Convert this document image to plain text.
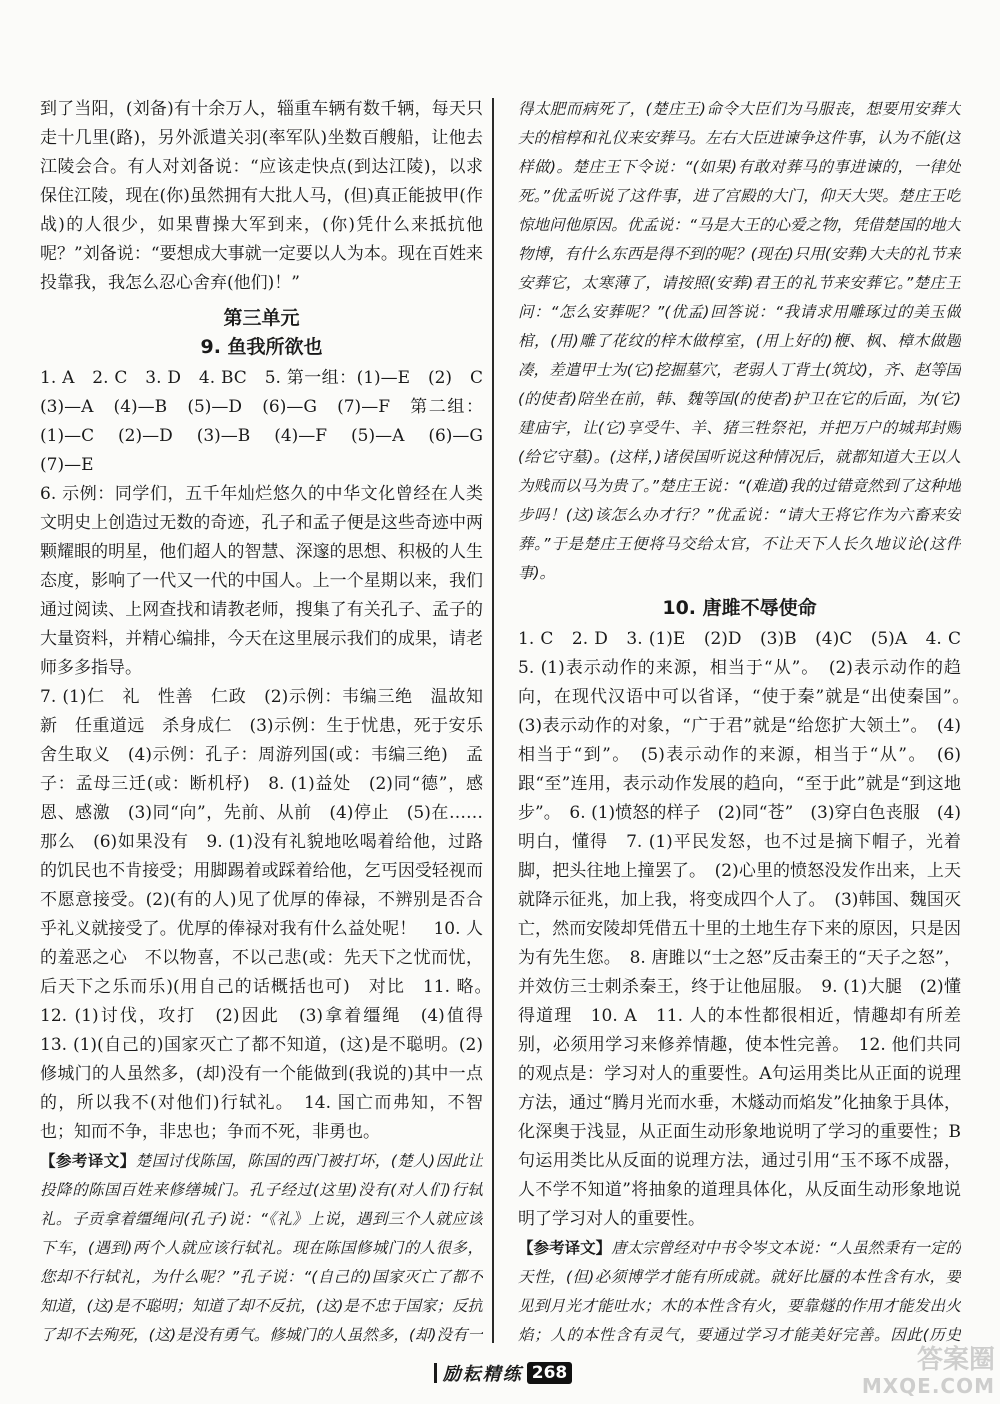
到了当阳，(刘备)有十余万人，辎重车辆有数千辆，每天只走十几里(路)，另外派遣关羽(率军队)坐数百艘船，让他去江陵会合。有人对刘备说：“应该走快点(到达江陵)，以求保住江陵，现在(你)虽然拥有大批人马，(但)真正能披甲(作战)的人很少，如果曹操大军到来，(你)凭什么来抵抗他呢？”刘备说：“要想成大事就一定要以人为本。现在百姓来投靠我，我怎么忍心舍弃(他们)！”

第三单元
9. 鱼我所欲也

1. A　2. C　3. D　4. BC　5. 第一组：(1)—E　(2)　C　(3)—A　(4)—B　(5)—D　(6)—G　(7)—F　第二组：(1)—C　(2)—D　(3)—B　(4)—F　(5)—A　(6)—G　(7)—E

6. 示例：同学们，五千年灿烂悠久的中华文化曾经在人类文明史上创造过无数的奇迹，孔子和孟子便是这些奇迹中两颗耀眼的明星，他们超人的智慧、深邃的思想、积极的人生态度，影响了一代又一代的中国人。上一个星期以来，我们通过阅读、上网查找和请教老师，搜集了有关孔子、孟子的大量资料，并精心编排，今天在这里展示我们的成果，请老师多多指导。

7. (1)仁　礼　性善　仁政　(2)示例：韦编三绝　温故知新　任重道远　杀身成仁　(3)示例：生于忧患，死于安乐　舍生取义　(4)示例：孔子：周游列国(或：韦编三绝)　孟子：孟母三迁(或：断机杼)　8. (1)益处　(2)同“德”，感恩、感激　(3)同“向”，先前、从前　(4)停止　(5)在……那么　(6)如果没有　9. (1)没有礼貌地吆喝着给他，过路的饥民也不肯接受；用脚踢着或踩着给他，乞丐因受轻视而不愿意接受。(2)(有的人)见了优厚的俸禄，不辨别是否合乎礼义就接受了。优厚的俸禄对我有什么益处呢！　10. 人的羞恶之心　不以物喜，不以己悲(或：先天下之忧而忧，后天下之乐而乐)(用自己的话概括也可)　对比　11. 略。　12. (1)讨伐，攻打　(2)因此　(3)拿着缰绳　(4)值得　13. (1)(自己的)国家灭亡了都不知道，(这)是不聪明。(2)修城门的人虽然多，(却)没有一个能做到(我说的)其中一点的，所以我不(对他们)行轼礼。　14. 国亡而弗知，不智也；知而不争，非忠也；争而不死，非勇也。

【参考译文】楚国讨伐陈国，陈国的西门被打坏，(楚人)因此让投降的陈国百姓来修缮城门。孔子经过(这里)没有(对人们)行轼礼。子贡拿着缰绳问(孔子)说：“《礼》上说，遇到三个人就应该下车，(遇到)两个人就应该行轼礼。现在陈国修城门的人很多，您却不行轼礼，为什么呢？”孔子说：“(自己的)国家灭亡了都不知道，(这)是不聪明；知道了却不反抗，(这)是不忠于国家；反抗了却不去殉死，(这)是没有勇气。修城门的人虽然多，(却)没有一

得太肥而病死了，(楚庄王)命令大臣们为马服丧，想要用安葬大夫的棺椁和礼仪来安葬马。左右大臣进谏争这件事，认为不能(这样做)。楚庄王下令说：“(如果)有敢对葬马的事进谏的，一律处死。”优孟听说了这件事，进了宫殿的大门，仰天大哭。楚庄王吃惊地问他原因。优孟说：“马是大王的心爱之物，凭借楚国的地大物博，有什么东西是得不到的呢？(现在)只用(安葬)大夫的礼节来安葬它，太寒薄了，请按照(安葬)君王的礼节来安葬它。”楚庄王问：“怎么安葬呢？”(优孟)回答说：“我请求用雕琢过的美玉做棺，(用)雕了花纹的梓木做椁室，(用上好的)楩、枫、樟木做题凑，差遣甲士为(它)挖掘墓穴，老弱人丁背土(筑坟)，齐、赵等国(的使者)陪坐在前，韩、魏等国(的使者)护卫在它的后面，为(它)建庙宇，让(它)享受牛、羊、猪三牲祭祀，并把万户的城邦封赐(给它守墓)。(这样，)诸侯国听说这种情况后，就都知道大王以人为贱而以马为贵了。”楚庄王说：“(难道)我的过错竟然到了这种地步吗！(这)该怎么办才行？”优孟说：“请大王将它作为六畜来安葬。”于是楚庄王便将马交给太官，不让天下人长久地议论(这件事)。

10. 唐雎不辱使命

1. C　2. D　3. (1)E　(2)D　(3)B　(4)C　(5)A　4. C　5. (1)表示动作的来源，相当于“从”。　(2)表示动作的趋向，在现代汉语中可以省译，“使于秦”就是“出使秦国”。　(3)表示动作的对象，“广于君”就是“给您扩大领土”。　(4)相当于“到”。　(5)表示动作的来源，相当于“从”。　(6)跟“至”连用，表示动作发展的趋向，“至于此”就是“到这地步”。　6. (1)愤怒的样子　(2)同“苍”　(3)穿白色丧服　(4)明白，懂得　7. (1)平民发怒，也不过是摘下帽子，光着脚，把头往地上撞罢了。　(2)心里的愤怒没发作出来，上天就降示征兆，加上我，将变成四个人了。　(3)韩国、魏国灭亡，然而安陵却凭借五十里的土地生存下来的原因，只是因为有先生您。　8. 唐雎以“士之怒”反击秦王的“天子之怒”，并效仿三士刺杀秦王，终于让他屈服。　9. (1)大腿　(2)懂得道理　10. A　11. 人的本性都很相近，情趣却有所差别，必须用学习来修养情趣，使本性完善。　12. 他们共同的观点是：学习对人的重要性。A句运用类比从正面的说理方法，通过“腾月光而水垂，木燧动而焰发”化抽象于具体，化深奥于浅显，从正面生动形象地说明了学习的重要性；B句运用类比从反面的说理方法，通过引用“玉不琢不成器，人不学不知道”将抽象的道理具体化，从反面生动形象地说明了学习对人的重要性。

【参考译文】唐太宗曾经对中书令岑文本说：“人虽然秉有一定的天性，(但)必须博学才能有所成就。就好比蜃的本性含有水，要见到月光才能吐水；木的本性含有火，要靠燧的作用才能发出火焰；人的本性含有灵气，要通过学习才能美好完善。因此(历史

励耘精练 268	答案圈
MXQE.COM
